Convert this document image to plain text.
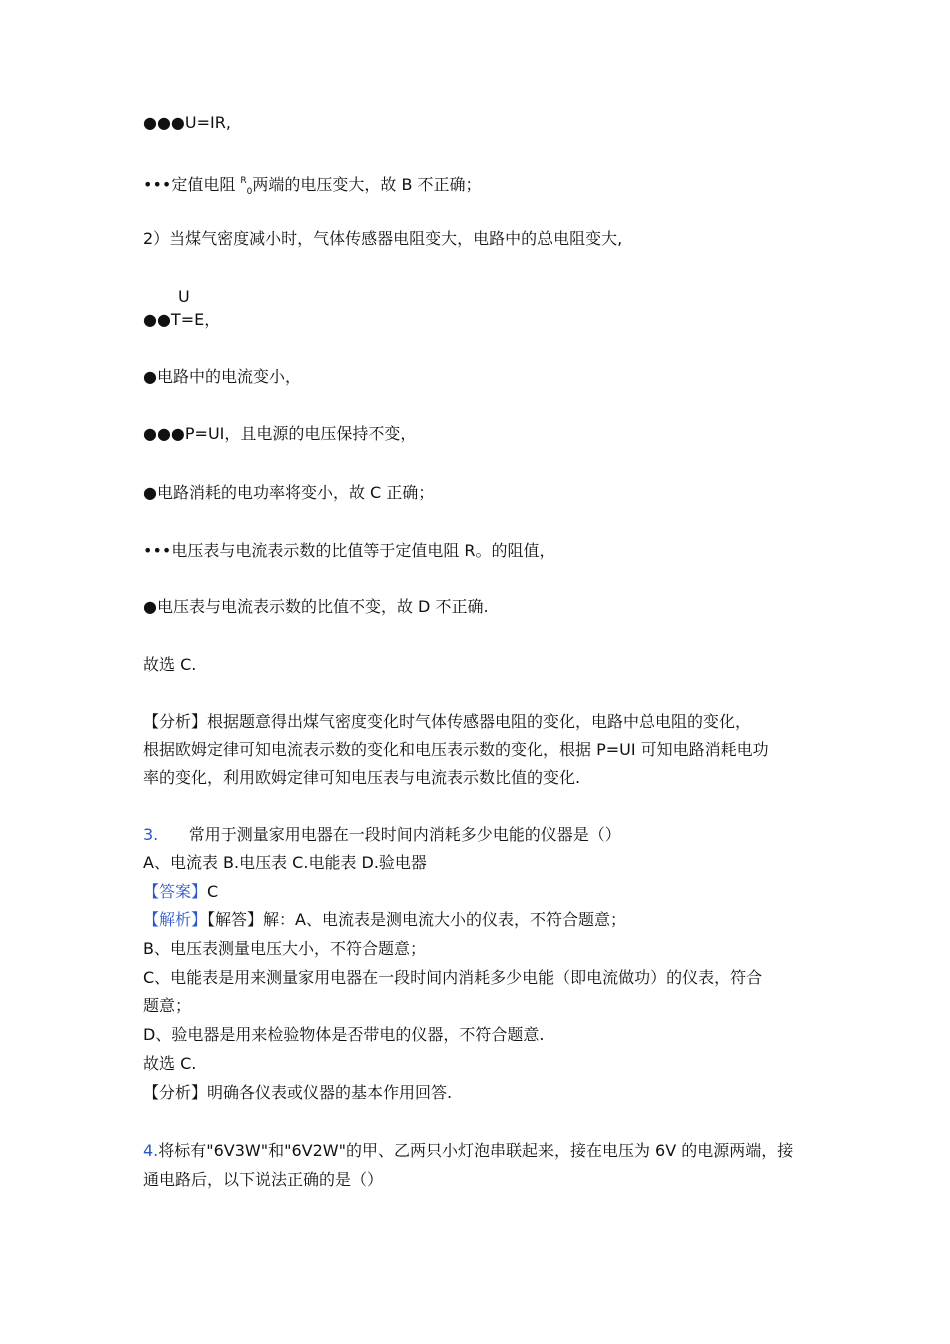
●●●U=IR,
•••定值电阻 $^R_0$两端的电压变大，故 B 不正确；
2）当煤气密度减小时，气体传感器电阻变大，电路中的总电阻变大,
U
●●T=E，
●电路中的电流变小，
●●●P=UI，且电源的电压保持不变，
●电路消耗的电功率将变小，故 C 正确；
•••电压表与电流表示数的比值等于定值电阻 R。的阻值，
●电压表与电流表示数的比值不变，故 D 不正确.
故选 C.
【分析】根据题意得出煤气密度变化时气体传感器电阻的变化，电路中总电阻的变化，
根据欧姆定律可知电流表示数的变化和电压表示数的变化，根据 P=UI 可知电路消耗电功
率的变化，利用欧姆定律可知电压表与电流表示数比值的变化.
3. 常用于测量家用电器在一段时间内消耗多少电能的仪器是（）
A、电流表 B.电压表 C.电能表 D.验电器
【答案】C
【解析】【解答】解：A、电流表是测电流大小的仪表，不符合题意；
B、电压表测量电压大小，不符合题意；
C、电能表是用来测量家用电器在一段时间内消耗多少电能（即电流做功）的仪表，符合
题意；
D、验电器是用来检验物体是否带电的仪器，不符合题意.
故选 C.
【分析】明确各仪表或仪器的基本作用回答.
4.将标有"6V3W"和"6V2W"的甲、乙两只小灯泡串联起来，接在电压为 6V 的电源两端，接
通电路后，以下说法正确的是（）
